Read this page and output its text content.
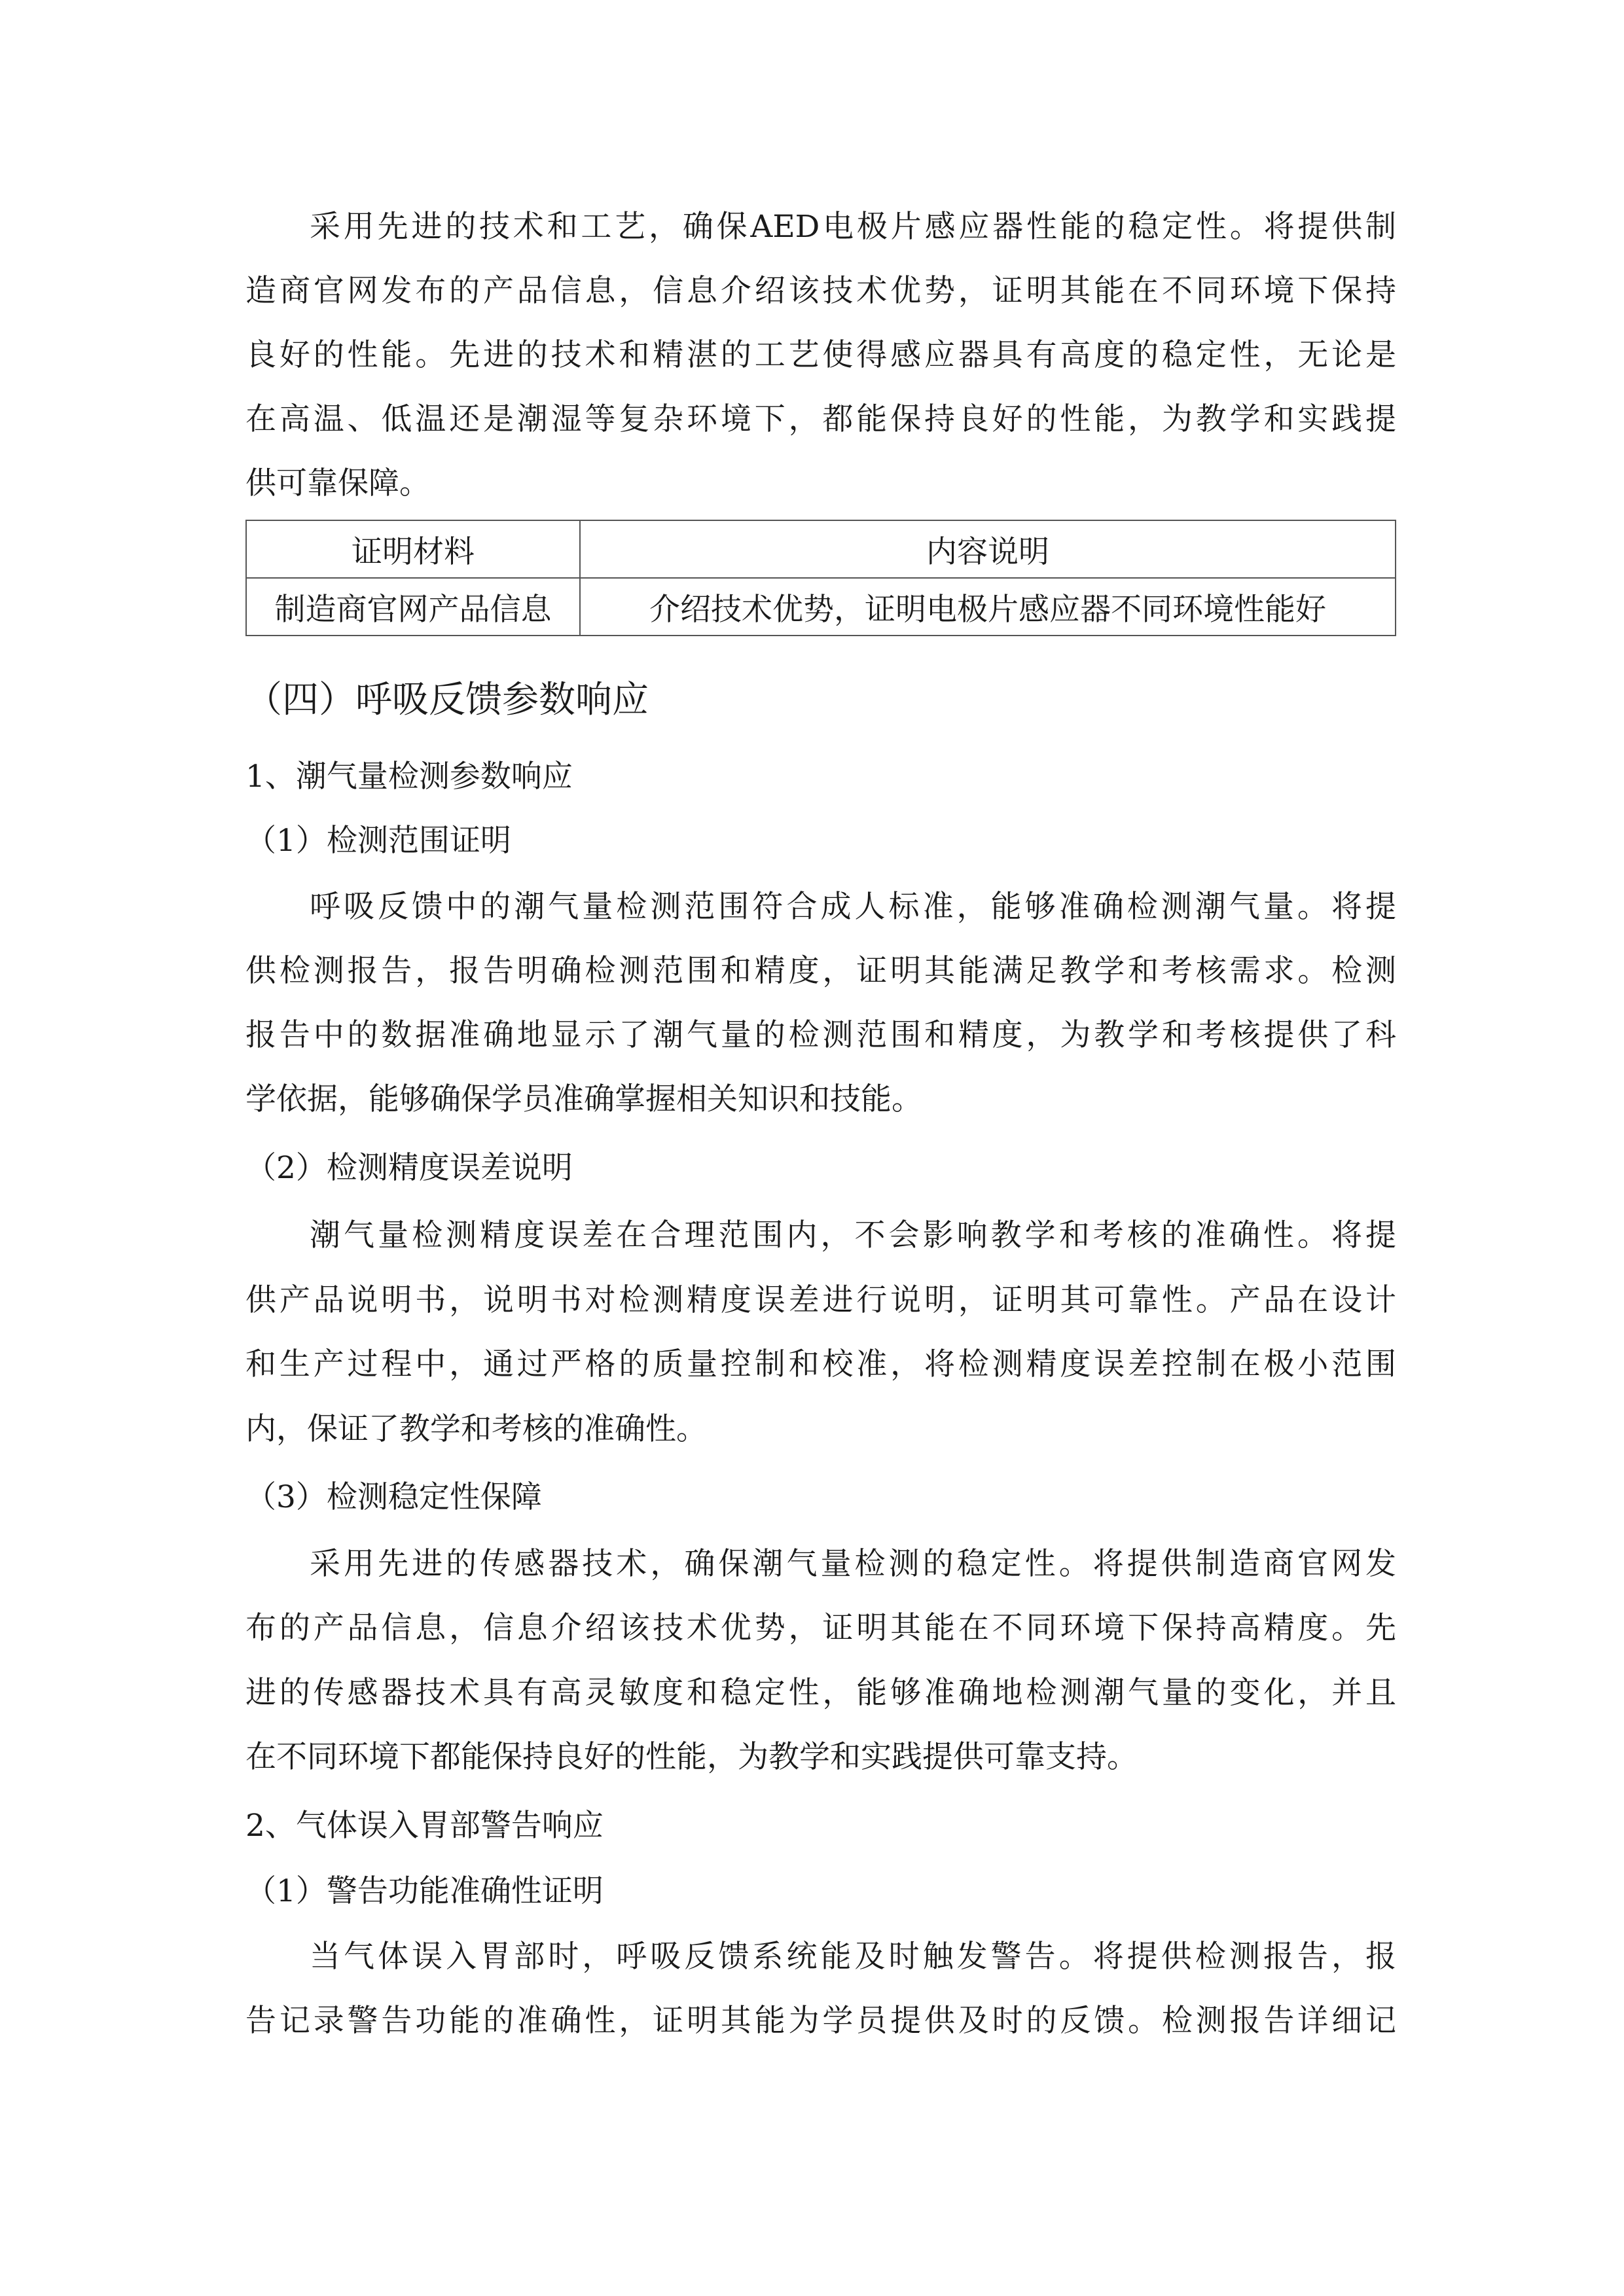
采用先进的技术和工艺，确保AED电极片感应器性能的稳定性。将提供制
造商官网发布的产品信息，信息介绍该技术优势，证明其能在不同环境下保持
良好的性能。先进的技术和精湛的工艺使得感应器具有高度的稳定性，无论是
在高温、低温还是潮湿等复杂环境下，都能保持良好的性能，为教学和实践提
供可靠保障。
证明材料	内容说明
制造商官网产品信息	介绍技术优势，证明电极片感应器不同环境性能好
（四）呼吸反馈参数响应
1、潮气量检测参数响应
（1）检测范围证明
呼吸反馈中的潮气量检测范围符合成人标准，能够准确检测潮气量。将提
供检测报告，报告明确检测范围和精度，证明其能满足教学和考核需求。检测
报告中的数据准确地显示了潮气量的检测范围和精度，为教学和考核提供了科
学依据，能够确保学员准确掌握相关知识和技能。
（2）检测精度误差说明
潮气量检测精度误差在合理范围内，不会影响教学和考核的准确性。将提
供产品说明书，说明书对检测精度误差进行说明，证明其可靠性。产品在设计
和生产过程中，通过严格的质量控制和校准，将检测精度误差控制在极小范围
内，保证了教学和考核的准确性。
（3）检测稳定性保障
采用先进的传感器技术，确保潮气量检测的稳定性。将提供制造商官网发
布的产品信息，信息介绍该技术优势，证明其能在不同环境下保持高精度。先
进的传感器技术具有高灵敏度和稳定性，能够准确地检测潮气量的变化，并且
在不同环境下都能保持良好的性能，为教学和实践提供可靠支持。
2、气体误入胃部警告响应
（1）警告功能准确性证明
当气体误入胃部时，呼吸反馈系统能及时触发警告。将提供检测报告，报
告记录警告功能的准确性，证明其能为学员提供及时的反馈。检测报告详细记
